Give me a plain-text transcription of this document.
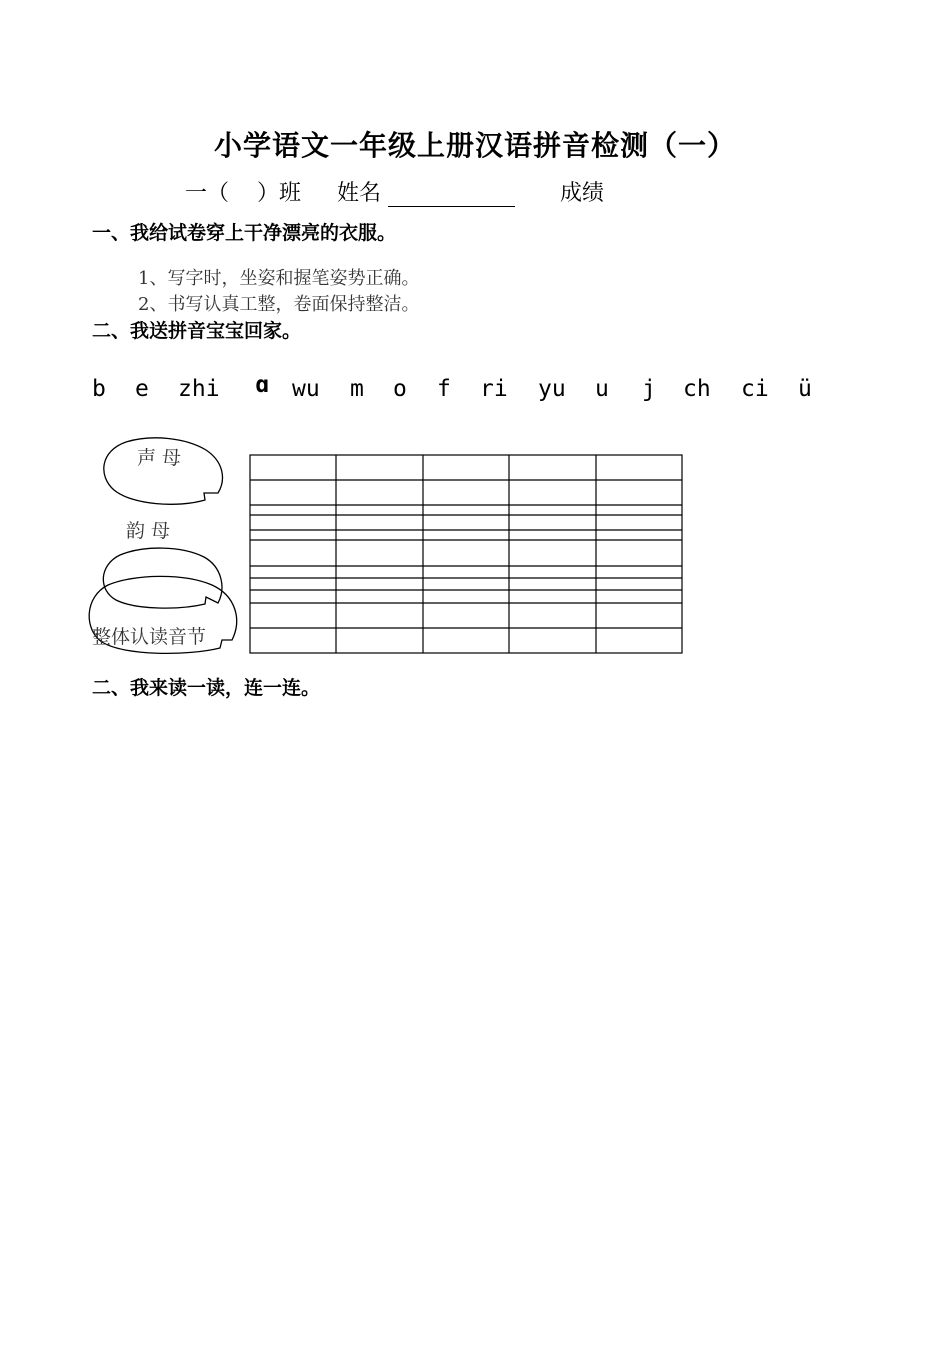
小学语文一年级上册汉语拼音检测（一）
一（ ）班 姓名	成绩
一、我给试卷穿上干净漂亮的衣服。
1、写字时，坐姿和握笔姿势正确。
2、书写认真工整，卷面保持整洁。
二、我送拼音宝宝回家。
b e zhi ɑ wu m o f ri yu u j ch ci ü
声 母
韵 母
整体认读音节
二、我来读一读，连一连。
